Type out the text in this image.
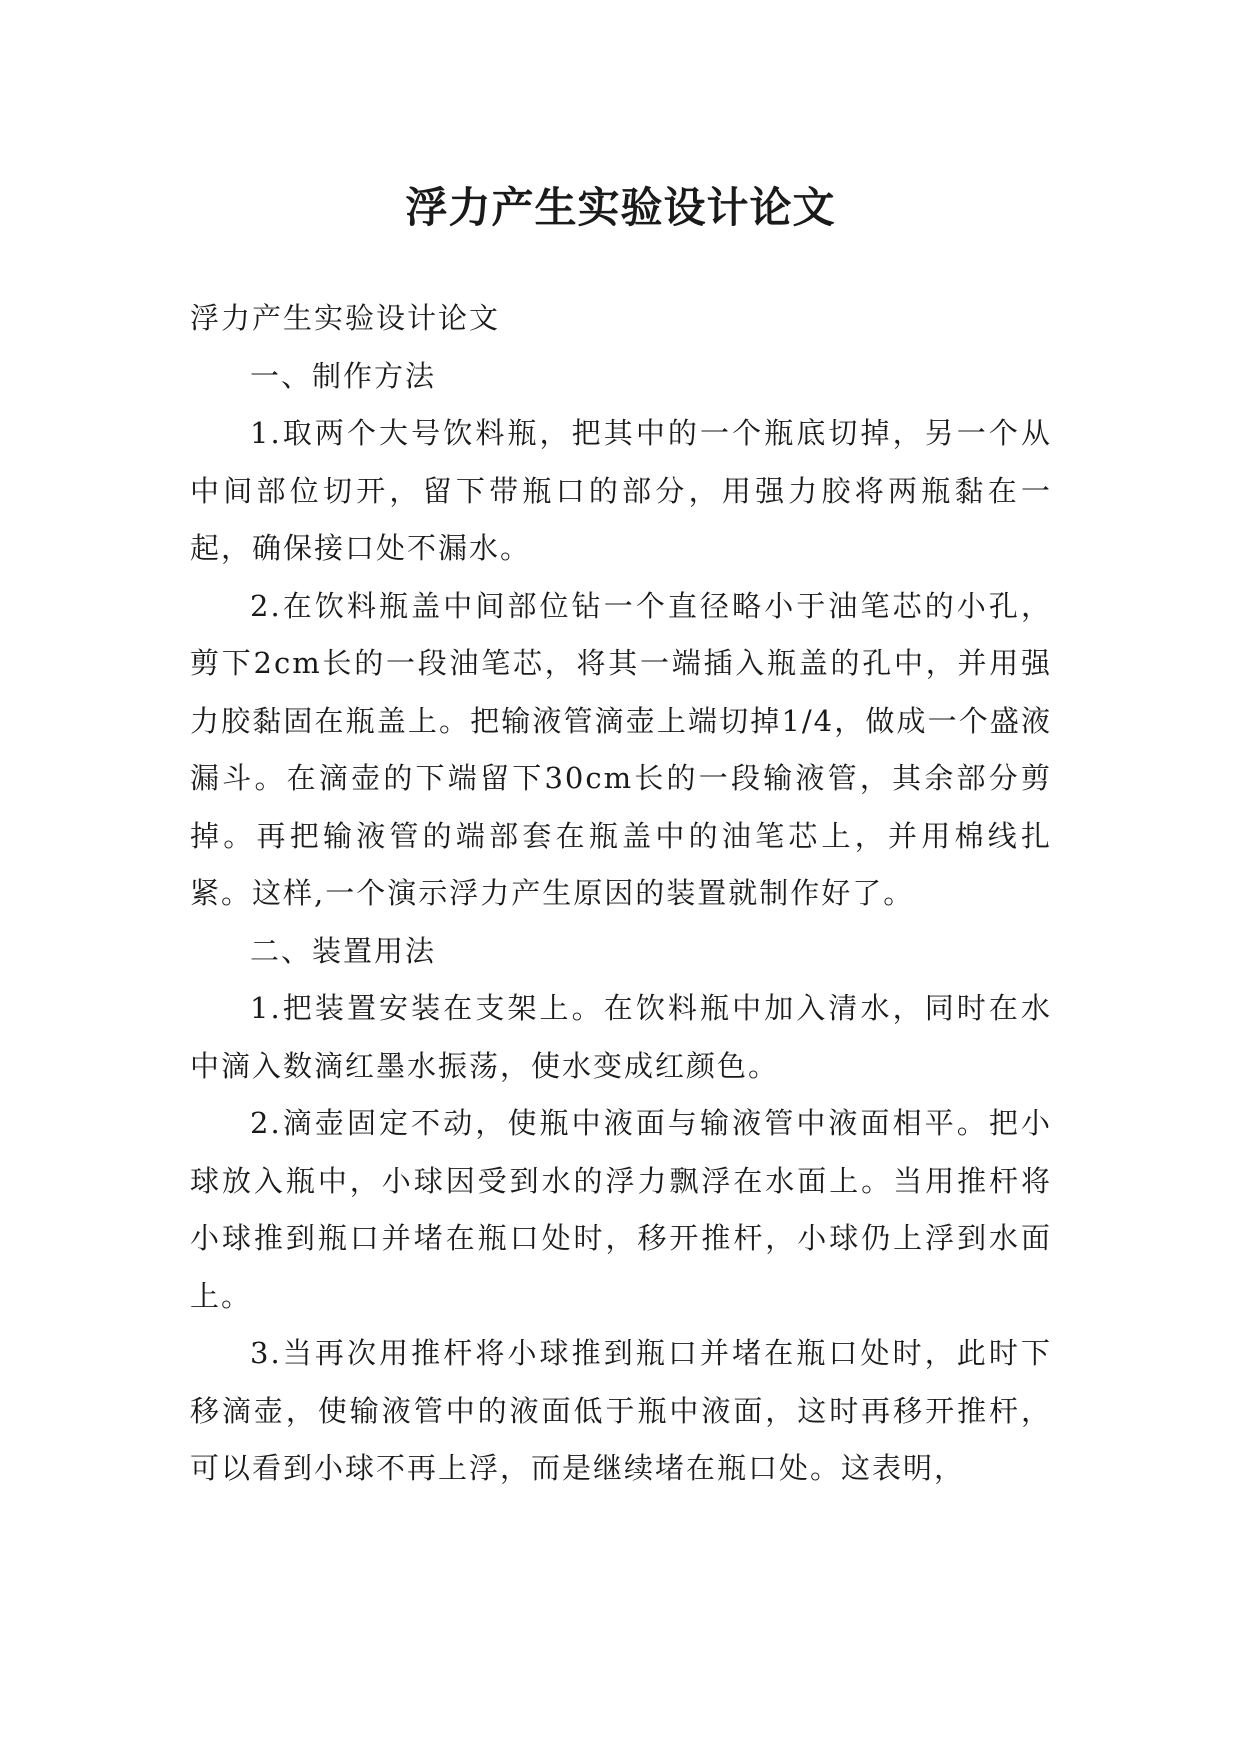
浮力产生实验设计论文

浮力产生实验设计论文

一、制作方法

1.取两个大号饮料瓶，把其中的一个瓶底切掉，另一个从中间部位切开，留下带瓶口的部分，用强力胶将两瓶黏在一起，确保接口处不漏水。

2.在饮料瓶盖中间部位钻一个直径略小于油笔芯的小孔，剪下2cm长的一段油笔芯，将其一端插入瓶盖的孔中，并用强力胶黏固在瓶盖上。把输液管滴壶上端切掉1/4，做成一个盛液漏斗。在滴壶的下端留下30cm长的一段输液管，其余部分剪掉。再把输液管的端部套在瓶盖中的油笔芯上，并用棉线扎紧。这样,一个演示浮力产生原因的装置就制作好了。

二、装置用法

1.把装置安装在支架上。在饮料瓶中加入清水，同时在水中滴入数滴红墨水振荡，使水变成红颜色。

2.滴壶固定不动，使瓶中液面与输液管中液面相平。把小球放入瓶中，小球因受到水的浮力飘浮在水面上。当用推杆将小球推到瓶口并堵在瓶口处时，移开推杆，小球仍上浮到水面上。

3.当再次用推杆将小球推到瓶口并堵在瓶口处时，此时下移滴壶，使输液管中的液面低于瓶中液面，这时再移开推杆，可以看到小球不再上浮，而是继续堵在瓶口处。这表明，
